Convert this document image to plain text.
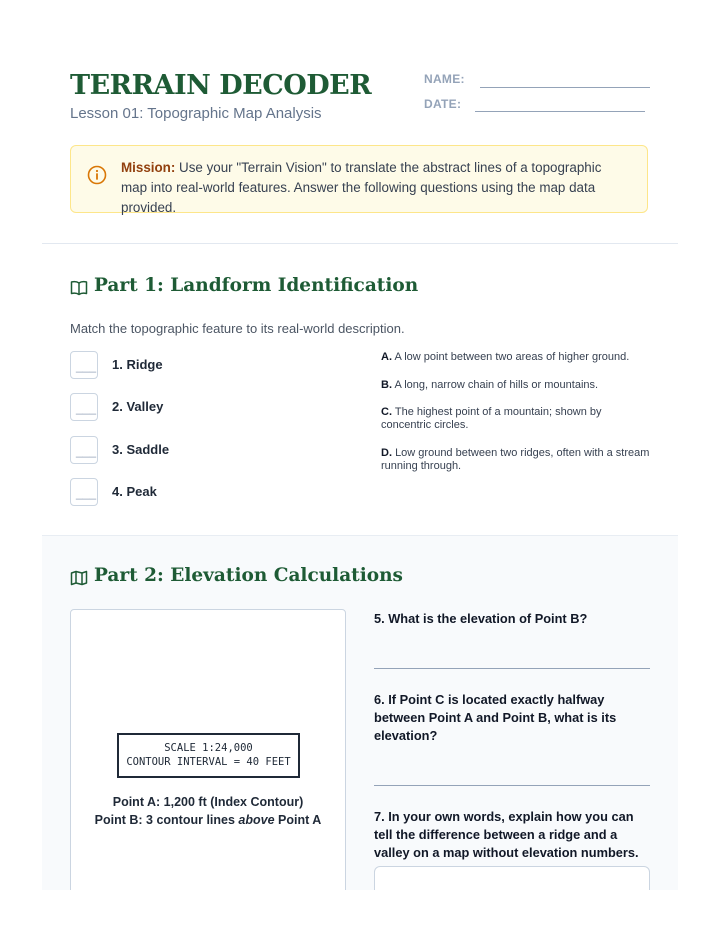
TERRAIN DECODER
Lesson 01: Topographic Map Analysis
NAME:
DATE:
Mission: Use your "Terrain Vision" to translate the abstract lines of a topographic map into real-world features. Answer the following questions using the map data provided.
Part 1: Landform Identification
Match the topographic feature to its real-world description.
___ 1. Ridge
___ 2. Valley
___ 3. Saddle
___ 4. Peak
A. A low point between two areas of higher ground.
B. A long, narrow chain of hills or mountains.
C. The highest point of a mountain; shown by concentric circles.
D. Low ground between two ridges, often with a stream running through.
Part 2: Elevation Calculations
SCALE 1:24,000
CONTOUR INTERVAL = 40 FEET
Point A: 1,200 ft (Index Contour)
Point B: 3 contour lines above Point A
5. What is the elevation of Point B?
6. If Point C is located exactly halfway between Point A and Point B, what is its elevation?
7. In your own words, explain how you can tell the difference between a ridge and a valley on a map without elevation numbers.
